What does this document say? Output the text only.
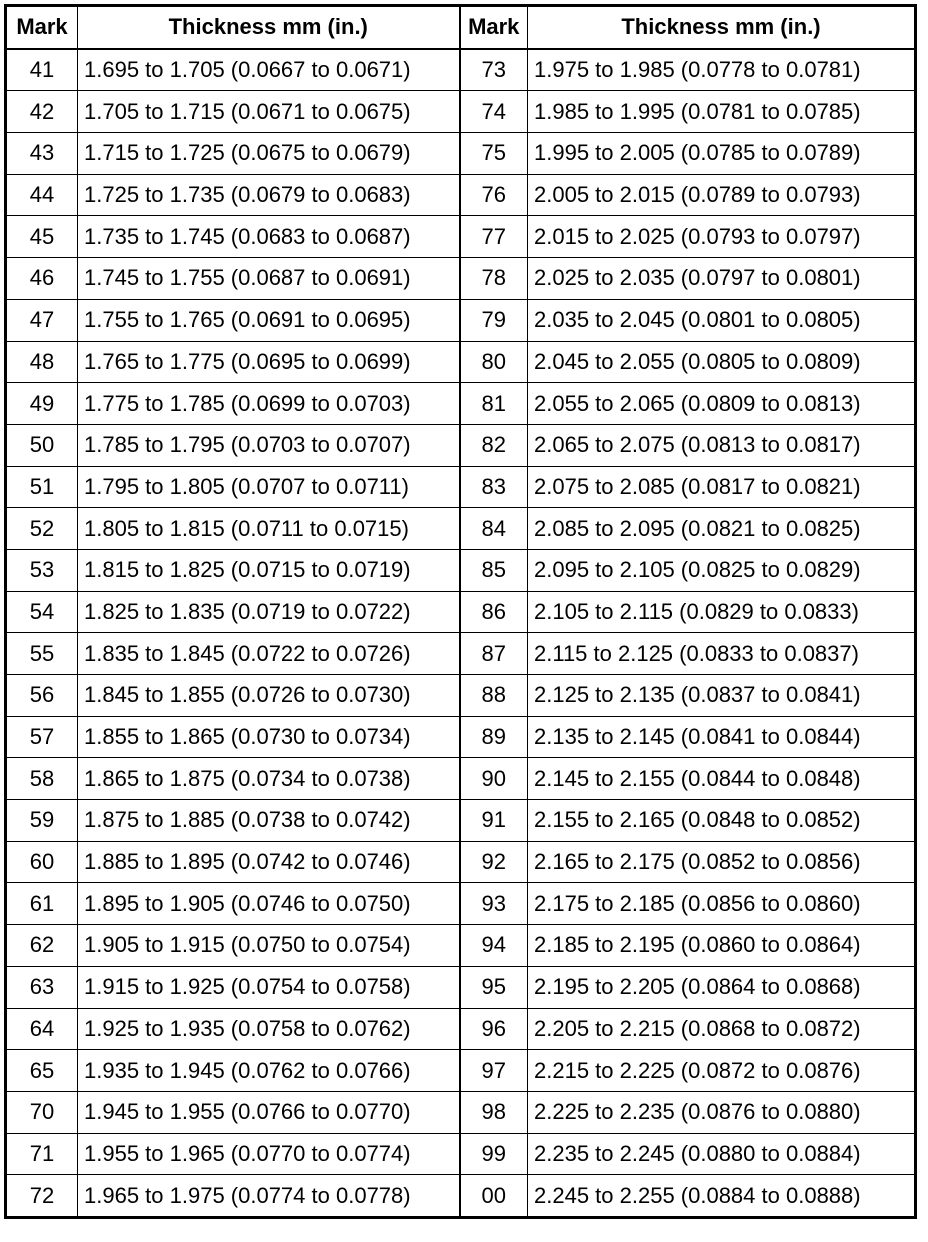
Mark	Thickness mm (in.)	Mark	Thickness mm (in.)
41	1.695 to 1.705 (0.0667 to 0.0671)	73	1.975 to 1.985 (0.0778 to 0.0781)
42	1.705 to 1.715 (0.0671 to 0.0675)	74	1.985 to 1.995 (0.0781 to 0.0785)
43	1.715 to 1.725 (0.0675 to 0.0679)	75	1.995 to 2.005 (0.0785 to 0.0789)
44	1.725 to 1.735 (0.0679 to 0.0683)	76	2.005 to 2.015 (0.0789 to 0.0793)
45	1.735 to 1.745 (0.0683 to 0.0687)	77	2.015 to 2.025 (0.0793 to 0.0797)
46	1.745 to 1.755 (0.0687 to 0.0691)	78	2.025 to 2.035 (0.0797 to 0.0801)
47	1.755 to 1.765 (0.0691 to 0.0695)	79	2.035 to 2.045 (0.0801 to 0.0805)
48	1.765 to 1.775 (0.0695 to 0.0699)	80	2.045 to 2.055 (0.0805 to 0.0809)
49	1.775 to 1.785 (0.0699 to 0.0703)	81	2.055 to 2.065 (0.0809 to 0.0813)
50	1.785 to 1.795 (0.0703 to 0.0707)	82	2.065 to 2.075 (0.0813 to 0.0817)
51	1.795 to 1.805 (0.0707 to 0.0711)	83	2.075 to 2.085 (0.0817 to 0.0821)
52	1.805 to 1.815 (0.0711 to 0.0715)	84	2.085 to 2.095 (0.0821 to 0.0825)
53	1.815 to 1.825 (0.0715 to 0.0719)	85	2.095 to 2.105 (0.0825 to 0.0829)
54	1.825 to 1.835 (0.0719 to 0.0722)	86	2.105 to 2.115 (0.0829 to 0.0833)
55	1.835 to 1.845 (0.0722 to 0.0726)	87	2.115 to 2.125 (0.0833 to 0.0837)
56	1.845 to 1.855 (0.0726 to 0.0730)	88	2.125 to 2.135 (0.0837 to 0.0841)
57	1.855 to 1.865 (0.0730 to 0.0734)	89	2.135 to 2.145 (0.0841 to 0.0844)
58	1.865 to 1.875 (0.0734 to 0.0738)	90	2.145 to 2.155 (0.0844 to 0.0848)
59	1.875 to 1.885 (0.0738 to 0.0742)	91	2.155 to 2.165 (0.0848 to 0.0852)
60	1.885 to 1.895 (0.0742 to 0.0746)	92	2.165 to 2.175 (0.0852 to 0.0856)
61	1.895 to 1.905 (0.0746 to 0.0750)	93	2.175 to 2.185 (0.0856 to 0.0860)
62	1.905 to 1.915 (0.0750 to 0.0754)	94	2.185 to 2.195 (0.0860 to 0.0864)
63	1.915 to 1.925 (0.0754 to 0.0758)	95	2.195 to 2.205 (0.0864 to 0.0868)
64	1.925 to 1.935 (0.0758 to 0.0762)	96	2.205 to 2.215 (0.0868 to 0.0872)
65	1.935 to 1.945 (0.0762 to 0.0766)	97	2.215 to 2.225 (0.0872 to 0.0876)
70	1.945 to 1.955 (0.0766 to 0.0770)	98	2.225 to 2.235 (0.0876 to 0.0880)
71	1.955 to 1.965 (0.0770 to 0.0774)	99	2.235 to 2.245 (0.0880 to 0.0884)
72	1.965 to 1.975 (0.0774 to 0.0778)	00	2.245 to 2.255 (0.0884 to 0.0888)
